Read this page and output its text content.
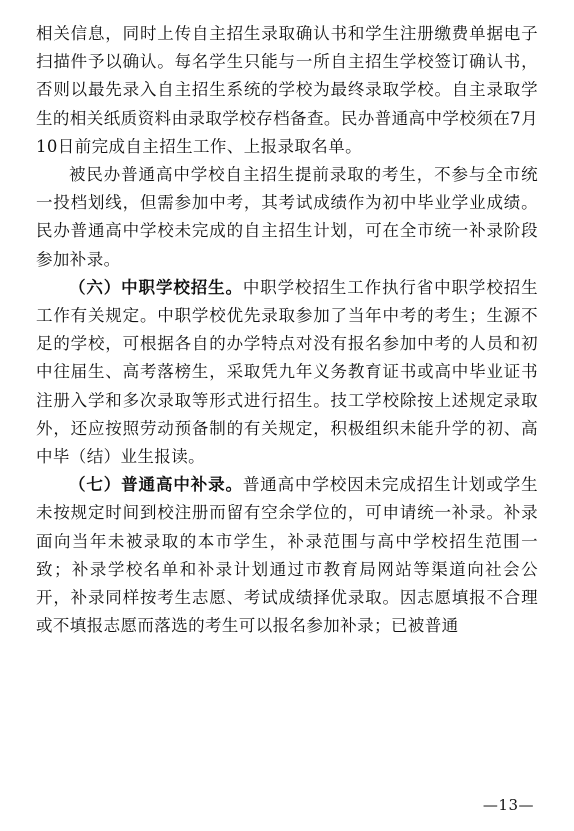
相关信息，同时上传自主招生录取确认书和学生注册缴费单据电子扫描件予以确认。每名学生只能与一所自主招生学校签订确认书，否则以最先录入自主招生系统的学校为最终录取学校。自主录取学生的相关纸质资料由录取学校存档备查。民办普通高中学校须在7月10日前完成自主招生工作、上报录取名单。

被民办普通高中学校自主招生提前录取的考生，不参与全市统一投档划线，但需参加中考，其考试成绩作为初中毕业学业成绩。民办普通高中学校未完成的自主招生计划，可在全市统一补录阶段参加补录。

（六）中职学校招生。中职学校招生工作执行省中职学校招生工作有关规定。中职学校优先录取参加了当年中考的考生；生源不足的学校，可根据各自的办学特点对没有报名参加中考的人员和初中往届生、高考落榜生，采取凭九年义务教育证书或高中毕业证书注册入学和多次录取等形式进行招生。技工学校除按上述规定录取外，还应按照劳动预备制的有关规定，积极组织未能升学的初、高中毕（结）业生报读。

（七）普通高中补录。普通高中学校因未完成招生计划或学生未按规定时间到校注册而留有空余学位的，可申请统一补录。补录面向当年未被录取的本市学生，补录范围与高中学校招生范围一致；补录学校名单和补录计划通过市教育局网站等渠道向社会公开，补录同样按考生志愿、考试成绩择优录取。因志愿填报不合理或不填报志愿而落选的考生可以报名参加补录；已被普通

—13—
